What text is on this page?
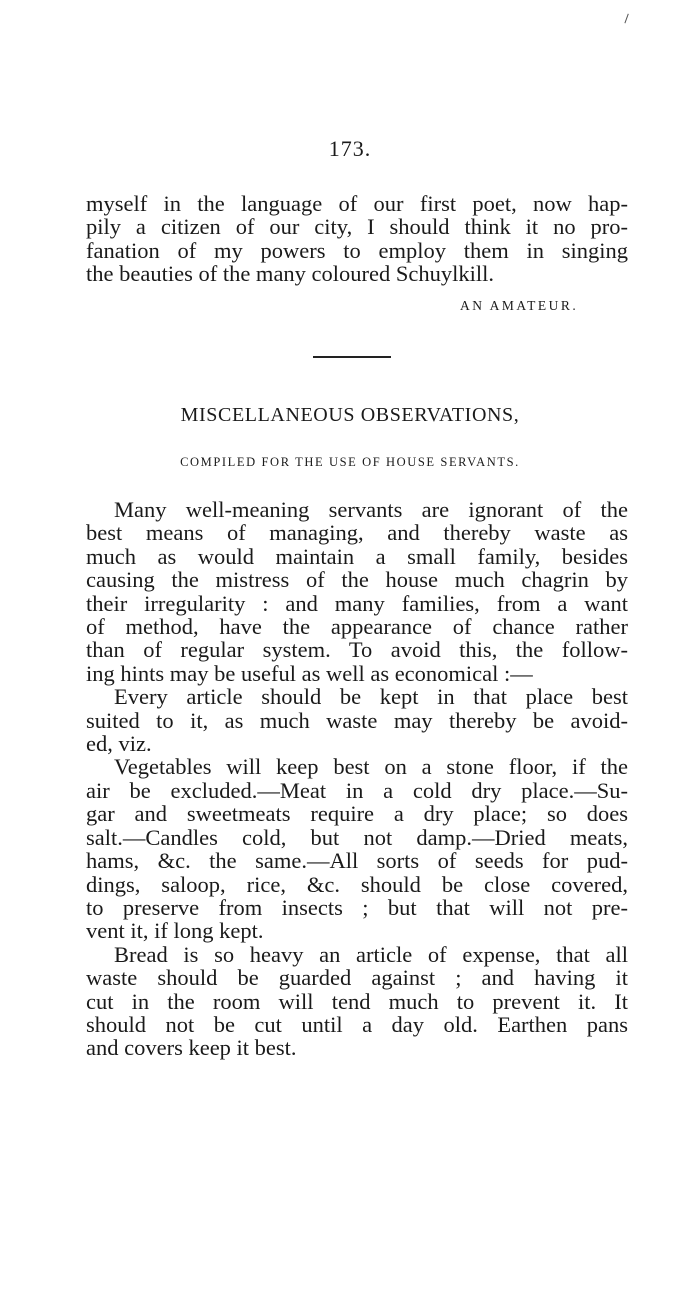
173.
myself in the language of our first poet, now hap-
pily a citizen of our city, I should think it no pro-
fanation of my powers to employ them in singing
the beauties of the many coloured Schuylkill.
AN AMATEUR.
MISCELLANEOUS OBSERVATIONS,
COMPILED FOR THE USE OF HOUSE SERVANTS.
Many well-meaning servants are ignorant of the
best means of managing, and thereby waste as
much as would maintain a small family, besides
causing the mistress of the house much chagrin by
their irregularity : and many families, from a want
of method, have the appearance of chance rather
than of regular system. To avoid this, the follow-
ing hints may be useful as well as economical :—
Every article should be kept in that place best
suited to it, as much waste may thereby be avoid-
ed, viz.
Vegetables will keep best on a stone floor, if the
air be excluded.—Meat in a cold dry place.—Su-
gar and sweetmeats require a dry place; so does
salt.—Candles cold, but not damp.—Dried meats,
hams, &c. the same.—All sorts of seeds for pud-
dings, saloop, rice, &c. should be close covered,
to preserve from insects ; but that will not pre-
vent it, if long kept.
Bread is so heavy an article of expense, that all
waste should be guarded against ; and having it
cut in the room will tend much to prevent it. It
should not be cut until a day old. Earthen pans
and covers keep it best.
